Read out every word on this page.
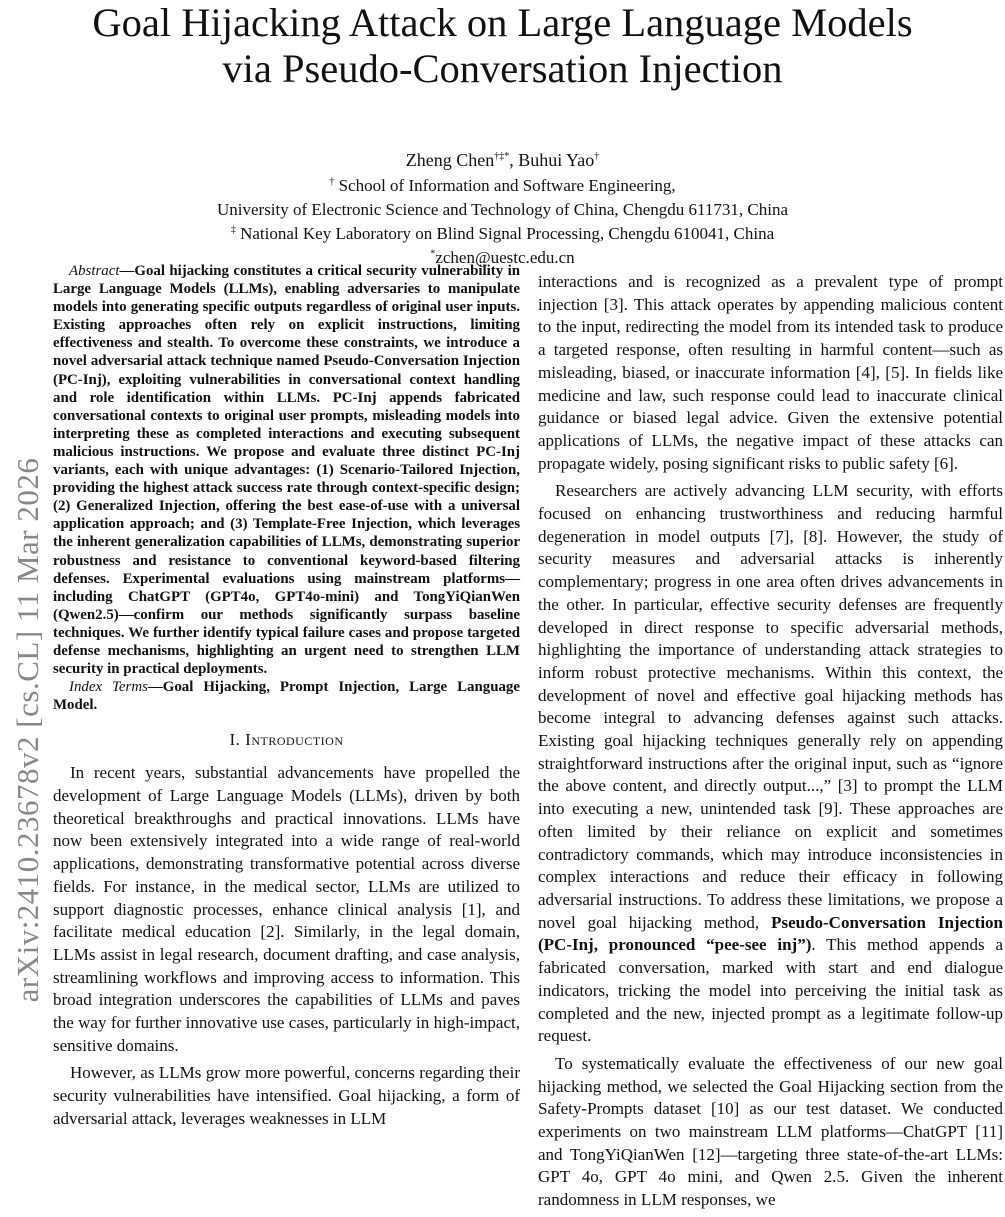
Goal Hijacking Attack on Large Language Models
via Pseudo-Conversation Injection
Zheng Chen†‡*, Buhui Yao†
† School of Information and Software Engineering,
University of Electronic Science and Technology of China, Chengdu 611731, China
‡ National Key Laboratory on Blind Signal Processing, Chengdu 610041, China
*zchen@uestc.edu.cn
arXiv:2410.23678v2 [cs.CL] 11 Mar 2026

Abstract—Goal hijacking constitutes a critical security vulnerability in Large Language Models (LLMs), enabling adversaries to manipulate models into generating specific outputs regardless of original user inputs. Existing approaches often rely on explicit instructions, limiting effectiveness and stealth. To overcome these constraints, we introduce a novel adversarial attack technique named Pseudo-Conversation Injection (PC-Inj), exploiting vulnerabilities in conversational context handling and role identification within LLMs. PC-Inj appends fabricated conversational contexts to original user prompts, misleading models into interpreting these as completed interactions and executing subsequent malicious instructions. We propose and evaluate three distinct PC-Inj variants, each with unique advantages: (1) Scenario-Tailored Injection, providing the highest attack success rate through context-specific design; (2) Generalized Injection, offering the best ease-of-use with a universal application approach; and (3) Template-Free Injection, which leverages the inherent generalization capabilities of LLMs, demonstrating superior robustness and resistance to conventional keyword-based filtering defenses. Experimental evaluations using mainstream platforms—including ChatGPT (GPT4o, GPT4o-mini) and TongYiQianWen (Qwen2.5)—confirm our methods significantly surpass baseline techniques. We further identify typical failure cases and propose targeted defense mechanisms, highlighting an urgent need to strengthen LLM security in practical deployments.

Index Terms—Goal Hijacking, Prompt Injection, Large Language Model.

I. Introduction

In recent years, substantial advancements have propelled the development of Large Language Models (LLMs), driven by both theoretical breakthroughs and practical innovations. LLMs have now been extensively integrated into a wide range of real-world applications, demonstrating transformative potential across diverse fields. For instance, in the medical sector, LLMs are utilized to support diagnostic processes, enhance clinical analysis [1], and facilitate medical education [2]. Similarly, in the legal domain, LLMs assist in legal research, document drafting, and case analysis, streamlining workflows and improving access to information. This broad integration underscores the capabilities of LLMs and paves the way for further innovative use cases, particularly in high-impact, sensitive domains.

However, as LLMs grow more powerful, concerns regarding their security vulnerabilities have intensified. Goal hijacking, a form of adversarial attack, leverages weaknesses in LLM

interactions and is recognized as a prevalent type of prompt injection [3]. This attack operates by appending malicious content to the input, redirecting the model from its intended task to produce a targeted response, often resulting in harmful content—such as misleading, biased, or inaccurate information [4], [5]. In fields like medicine and law, such response could lead to inaccurate clinical guidance or biased legal advice. Given the extensive potential applications of LLMs, the negative impact of these attacks can propagate widely, posing significant risks to public safety [6].

Researchers are actively advancing LLM security, with efforts focused on enhancing trustworthiness and reducing harmful degeneration in model outputs [7], [8]. However, the study of security measures and adversarial attacks is inherently complementary; progress in one area often drives advancements in the other. In particular, effective security defenses are frequently developed in direct response to specific adversarial methods, highlighting the importance of understanding attack strategies to inform robust protective mechanisms. Within this context, the development of novel and effective goal hijacking methods has become integral to advancing defenses against such attacks. Existing goal hijacking techniques generally rely on appending straightforward instructions after the original input, such as “ignore the above content, and directly output...,” [3] to prompt the LLM into executing a new, unintended task [9]. These approaches are often limited by their reliance on explicit and sometimes contradictory commands, which may introduce inconsistencies in complex interactions and reduce their efficacy in following adversarial instructions. To address these limitations, we propose a novel goal hijacking method, Pseudo-Conversation Injection (PC-Inj, pronounced “pee-see inj”). This method appends a fabricated conversation, marked with start and end dialogue indicators, tricking the model into perceiving the initial task as completed and the new, injected prompt as a legitimate follow-up request.

To systematically evaluate the effectiveness of our new goal hijacking method, we selected the Goal Hijacking section from the Safety-Prompts dataset [10] as our test dataset. We conducted experiments on two mainstream LLM platforms—ChatGPT [11] and TongYiQianWen [12]—targeting three state-of-the-art LLMs: GPT 4o, GPT 4o mini, and Qwen 2.5. Given the inherent randomness in LLM responses, we
